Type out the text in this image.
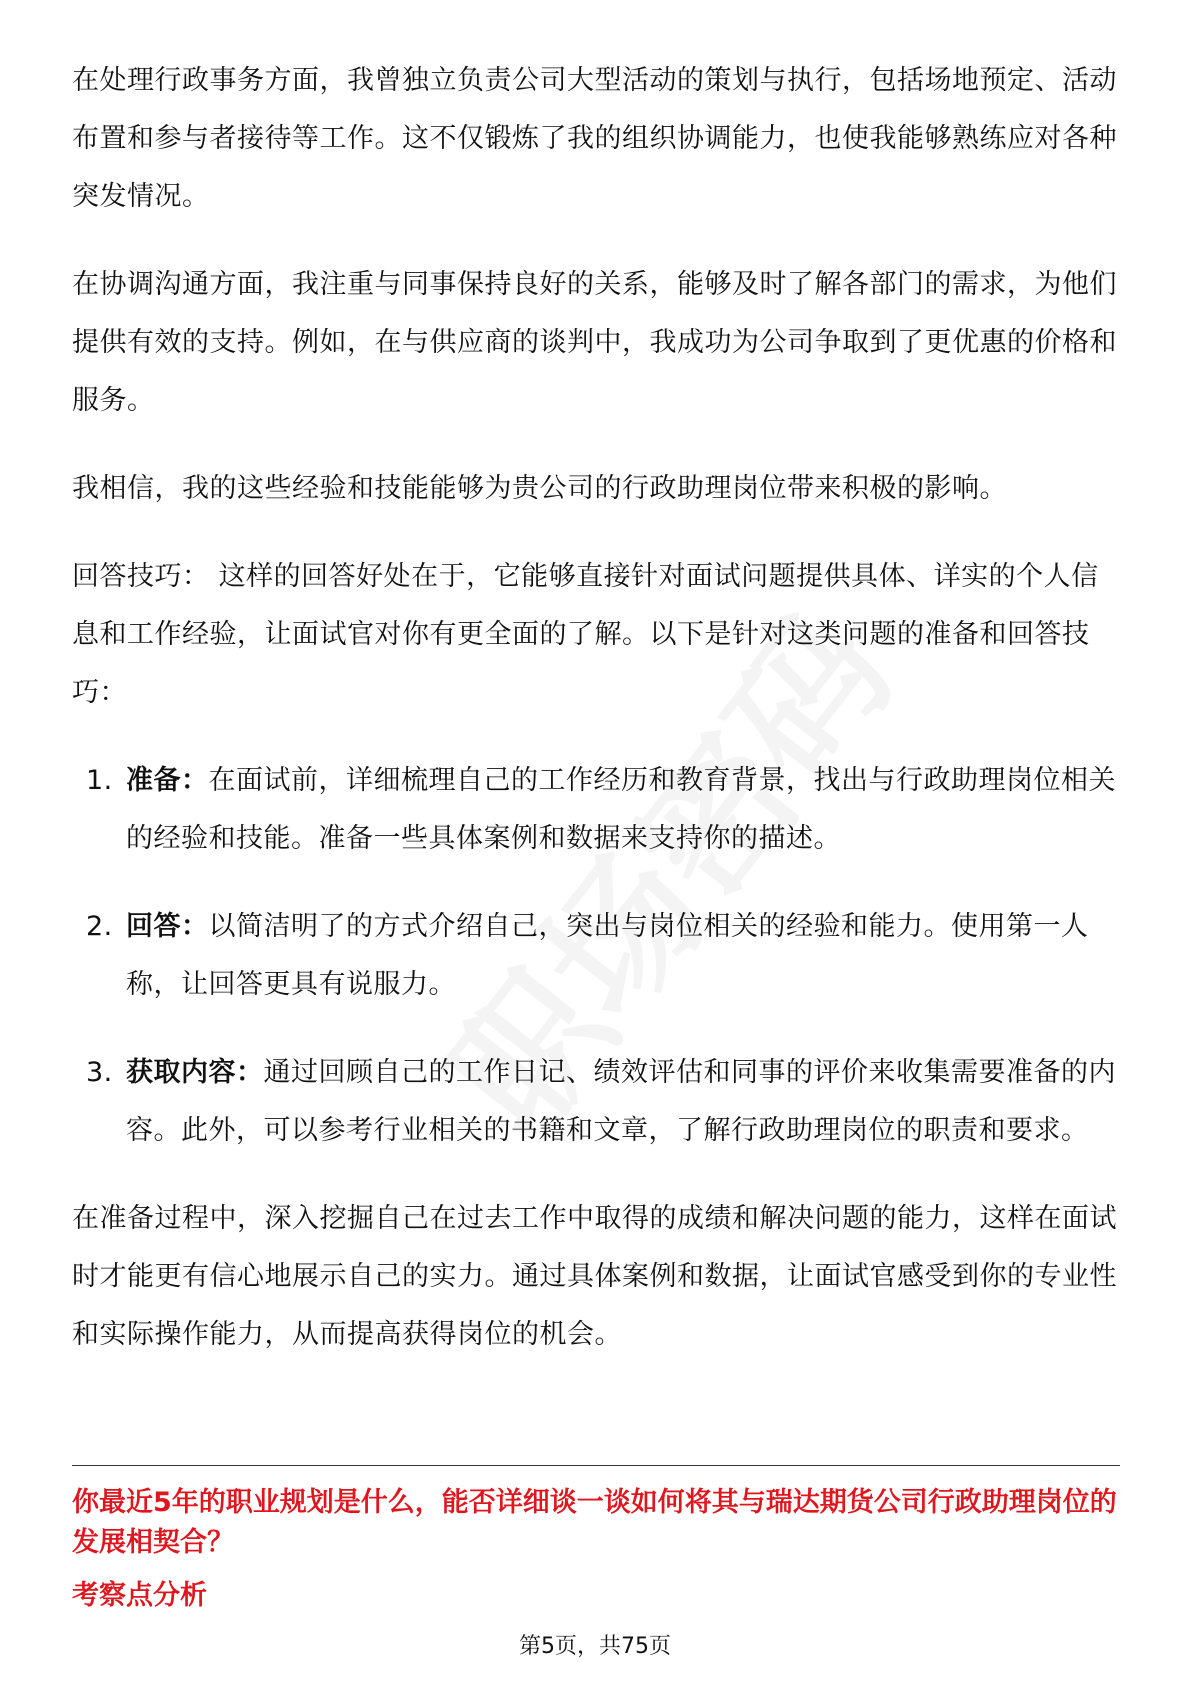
在处理行政事务方面，我曾独立负责公司大型活动的策划与执行，包括场地预定、活动布置和参与者接待等工作。这不仅锻炼了我的组织协调能力，也使我能够熟练应对各种突发情况。

在协调沟通方面，我注重与同事保持良好的关系，能够及时了解各部门的需求，为他们提供有效的支持。例如，在与供应商的谈判中，我成功为公司争取到了更优惠的价格和服务。

我相信，我的这些经验和技能能够为贵公司的行政助理岗位带来积极的影响。

回答技巧： 这样的回答好处在于，它能够直接针对面试问题提供具体、详实的个人信息和工作经验，让面试官对你有更全面的了解。以下是针对这类问题的准备和回答技巧：

1. 准备：在面试前，详细梳理自己的工作经历和教育背景，找出与行政助理岗位相关的经验和技能。准备一些具体案例和数据来支持你的描述。
2. 回答：以简洁明了的方式介绍自己，突出与岗位相关的经验和能力。使用第一人称，让回答更具有说服力。
3. 获取内容：通过回顾自己的工作日记、绩效评估和同事的评价来收集需要准备的内容。此外，可以参考行业相关的书籍和文章，了解行政助理岗位的职责和要求。

在准备过程中，深入挖掘自己在过去工作中取得的成绩和解决问题的能力，这样在面试时才能更有信心地展示自己的实力。通过具体案例和数据，让面试官感受到你的专业性和实际操作能力，从而提高获得岗位的机会。

你最近5年的职业规划是什么，能否详细谈一谈如何将其与瑞达期货公司行政助理岗位的发展相契合？
考察点分析
第5页，共75页
